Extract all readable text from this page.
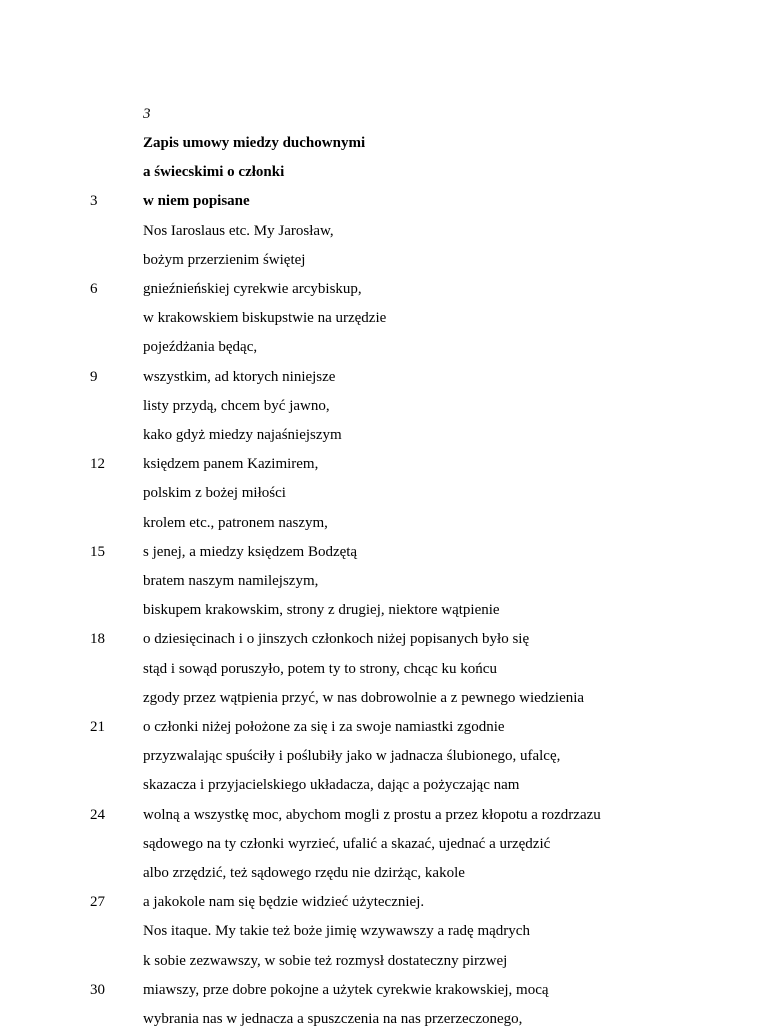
3
Zapis umowy miedzy duchownymi
a świecskimi o członki
3	w niem popisane
Nos Iaroslaus etc. My Jarosław,
bożym przerzienim świętej
6	gnieźnieńskiej cyrekwie arcybiskup,
w krakowskiem biskupstwie na urzędzie
pojeźdżania będąc,
9	wszystkim, ad ktorych niniejsze
listy przydą, chcem być jawno,
kako gdyż miedzy najaśniejszym
12	księdzem panem Kazimirem,
polskim z bożej miłości
krolem etc., patronem naszym,
15	s jenej, a miedzy księdzem Bodzętą
bratem naszym namilejszym,
biskupem krakowskim, strony z drugiej, niektore wątpienie
18	o dziesięcinach i o jinszych członkoch niżej popisanych było się
stąd i sowąd poruszyło, potem ty to strony, chcąc ku końcu
zgody przez wątpienia przyć, w nas dobrowolnie a z pewnego wiedzienia
21	o członki niżej położone za się i za swoje namiastki zgodnie
przyzwalając spuściły i poślubiły jako w jadnacza ślubionego, ufalcę,
skazacza i przyjacielskiego układacza, dając a pożyczając nam
24	wolną a wszystkę moc, abychom mogli z prostu a przez kłopotu a rozdrzazu
sądowego na ty członki wyrzieć, ufalić a skazać, ujednać a urzędzić
albo zrzędzić, też sądowego rzędu nie dzirżąc, kakole
27	a jakokole nam się będzie widzieć użyteczniej.
Nos itaque. My takie też boże jimię wzywawszy a radę mądrych
k sobie zezwawszy, w sobie też rozmysł dostateczny pirzwej
30	miawszy, prze dobre pokojne a użytek cyrekwie krakowskiej, mocą
wybrania nas w jednacza a spuszczenia na nas przerzeczonego,
